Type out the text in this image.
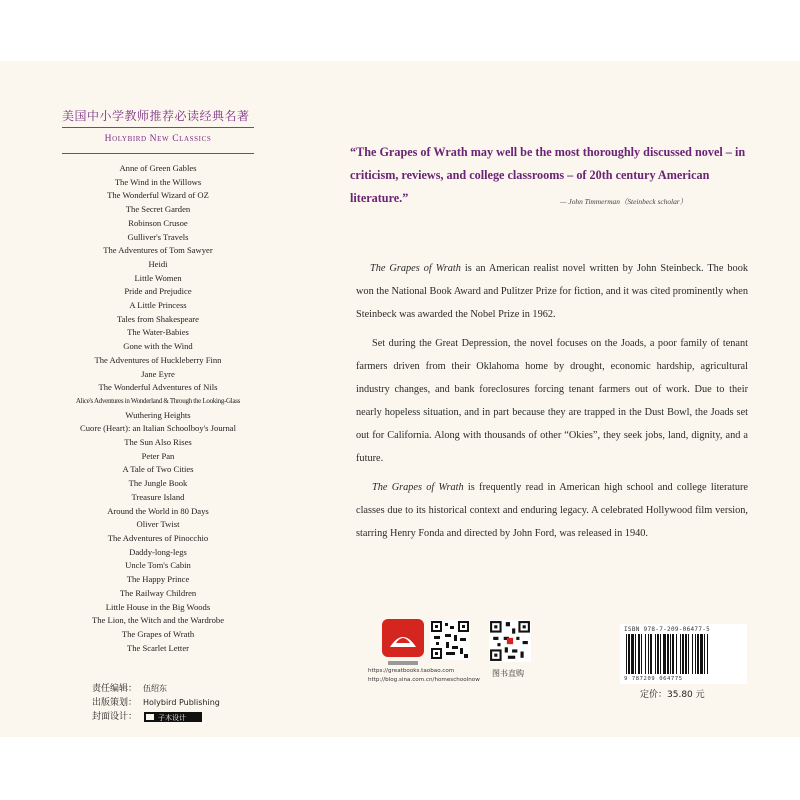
美国中小学教师推荐必读经典名著
Holybird New Classics
Anne of Green Gables
The Wind in the Willows
The Wonderful Wizard of OZ
The Secret Garden
Robinson Crusoe
Gulliver's Travels
The Adventures of Tom Sawyer
Heidi
Little Women
Pride and Prejudice
A Little Princess
Tales from Shakespeare
The Water-Babies
Gone with the Wind
The Adventures of Huckleberry Finn
Jane Eyre
The Wonderful Adventures of Nils
Alice's Adventures in Wonderland & Through the Looking-Glass
Wuthering Heights
Cuore (Heart): an Italian Schoolboy's Journal
The Sun Also Rises
Peter Pan
A Tale of Two Cities
The Jungle Book
Treasure Island
Around the World in 80 Days
Oliver Twist
The Adventures of Pinocchio
Daddy-long-legs
Uncle Tom's Cabin
The Happy Prince
The Railway Children
Little House in the Big Woods
The Lion, the Witch and the Wardrobe
The Grapes of Wrath
The Scarlet Letter
责任编辑： 伍绍东
出版策划： Holybird Publishing
封面设计：	子木设计
“The Grapes of Wrath may well be the most thoroughly discussed novel – in criticism, reviews, and college classrooms – of 20th century American literature.”	— John Timmerman（Steinbeck scholar）

The Grapes of Wrath is an American realist novel written by John Steinbeck. The book won the National Book Award and Pulitzer Prize for fiction, and it was cited prominently when Steinbeck was awarded the Nobel Prize in 1962.

Set during the Great Depression, the novel focuses on the Joads, a poor family of tenant farmers driven from their Oklahoma home by drought, economic hardship, agricultural industry changes, and bank foreclosures forcing tenant farmers out of work. Due to their nearly hopeless situation, and in part because they are trapped in the Dust Bowl, the Joads set out for California. Along with thousands of other “Okies”, they seek jobs, land, dignity, and a future.

The Grapes of Wrath is frequently read in American high school and college literature classes due to its historical context and enduring legacy. A celebrated Hollywood film version, starring Henry Fonda and directed by John Ford, was released in 1940.

https://greatbooks.taobao.com
http://blog.sina.com.cn/homeschoolnow
图书直购
ISBN 978-7-209-06477-5
9 787209 064775
定价：35.80 元
